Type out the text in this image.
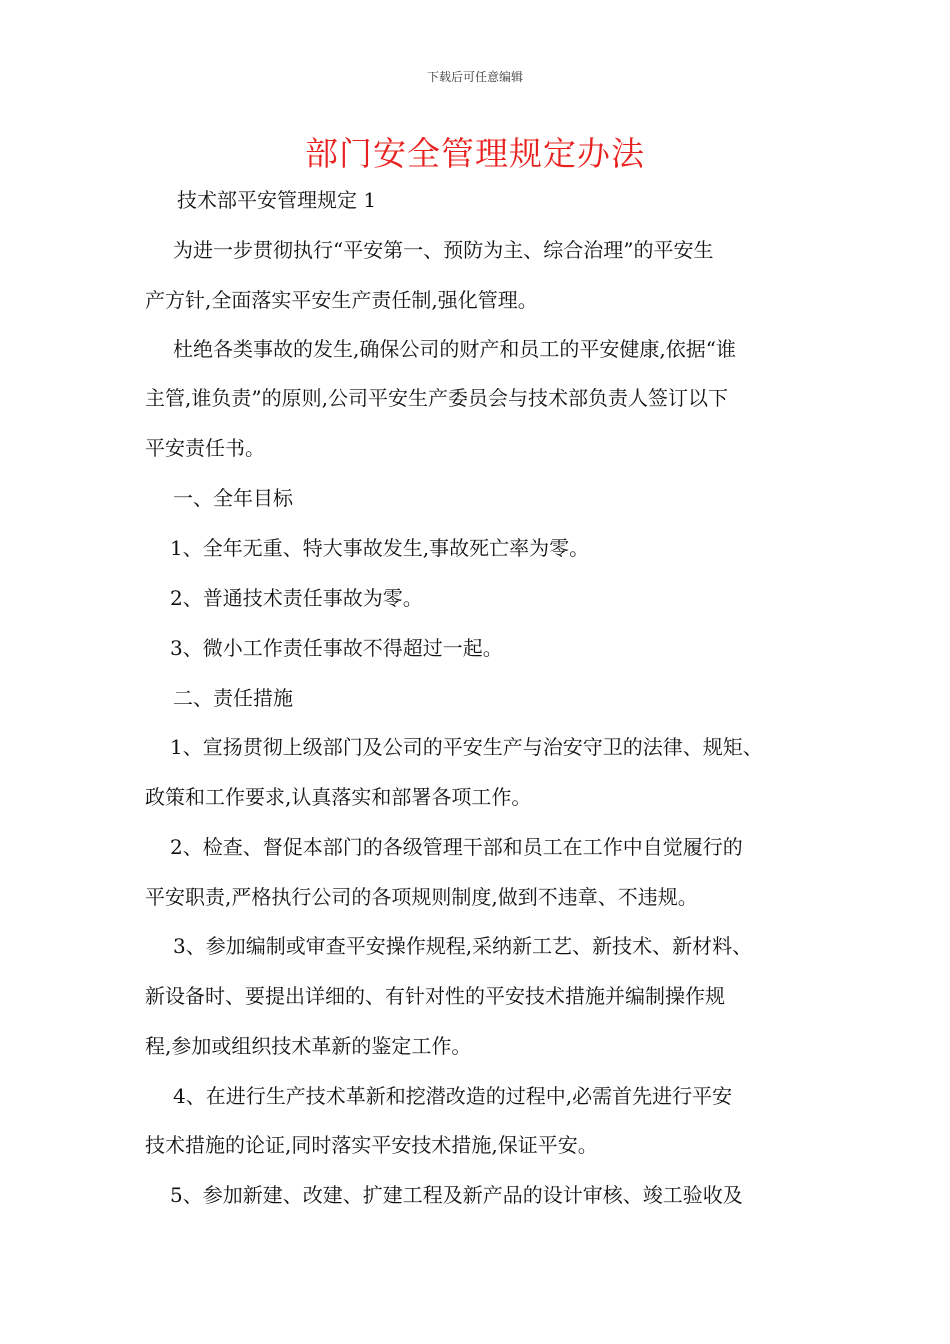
下载后可任意编辑
部门安全管理规定办法
技术部平安管理规定 1
为进一步贯彻执行“平安第一、预防为主、综合治理”的平安生
产方针,全面落实平安生产责任制,强化管理。
杜绝各类事故的发生,确保公司的财产和员工的平安健康,依据“谁
主管,谁负责”的原则,公司平安生产委员会与技术部负责人签订以下
平安责任书。
一、全年目标
1、全年无重、特大事故发生,事故死亡率为零。
2、普通技术责任事故为零。
3、微小工作责任事故不得超过一起。
二、责任措施
1、宣扬贯彻上级部门及公司的平安生产与治安守卫的法律、规矩、
政策和工作要求,认真落实和部署各项工作。
2、检查、督促本部门的各级管理干部和员工在工作中自觉履行的
平安职责,严格执行公司的各项规则制度,做到不违章、不违规。
3、参加编制或审查平安操作规程,采纳新工艺、新技术、新材料、
新设备时、要提出详细的、有针对性的平安技术措施并编制操作规
程,参加或组织技术革新的鉴定工作。
4、在进行生产技术革新和挖潜改造的过程中,必需首先进行平安
技术措施的论证,同时落实平安技术措施,保证平安。
5、参加新建、改建、扩建工程及新产品的设计审核、竣工验收及
